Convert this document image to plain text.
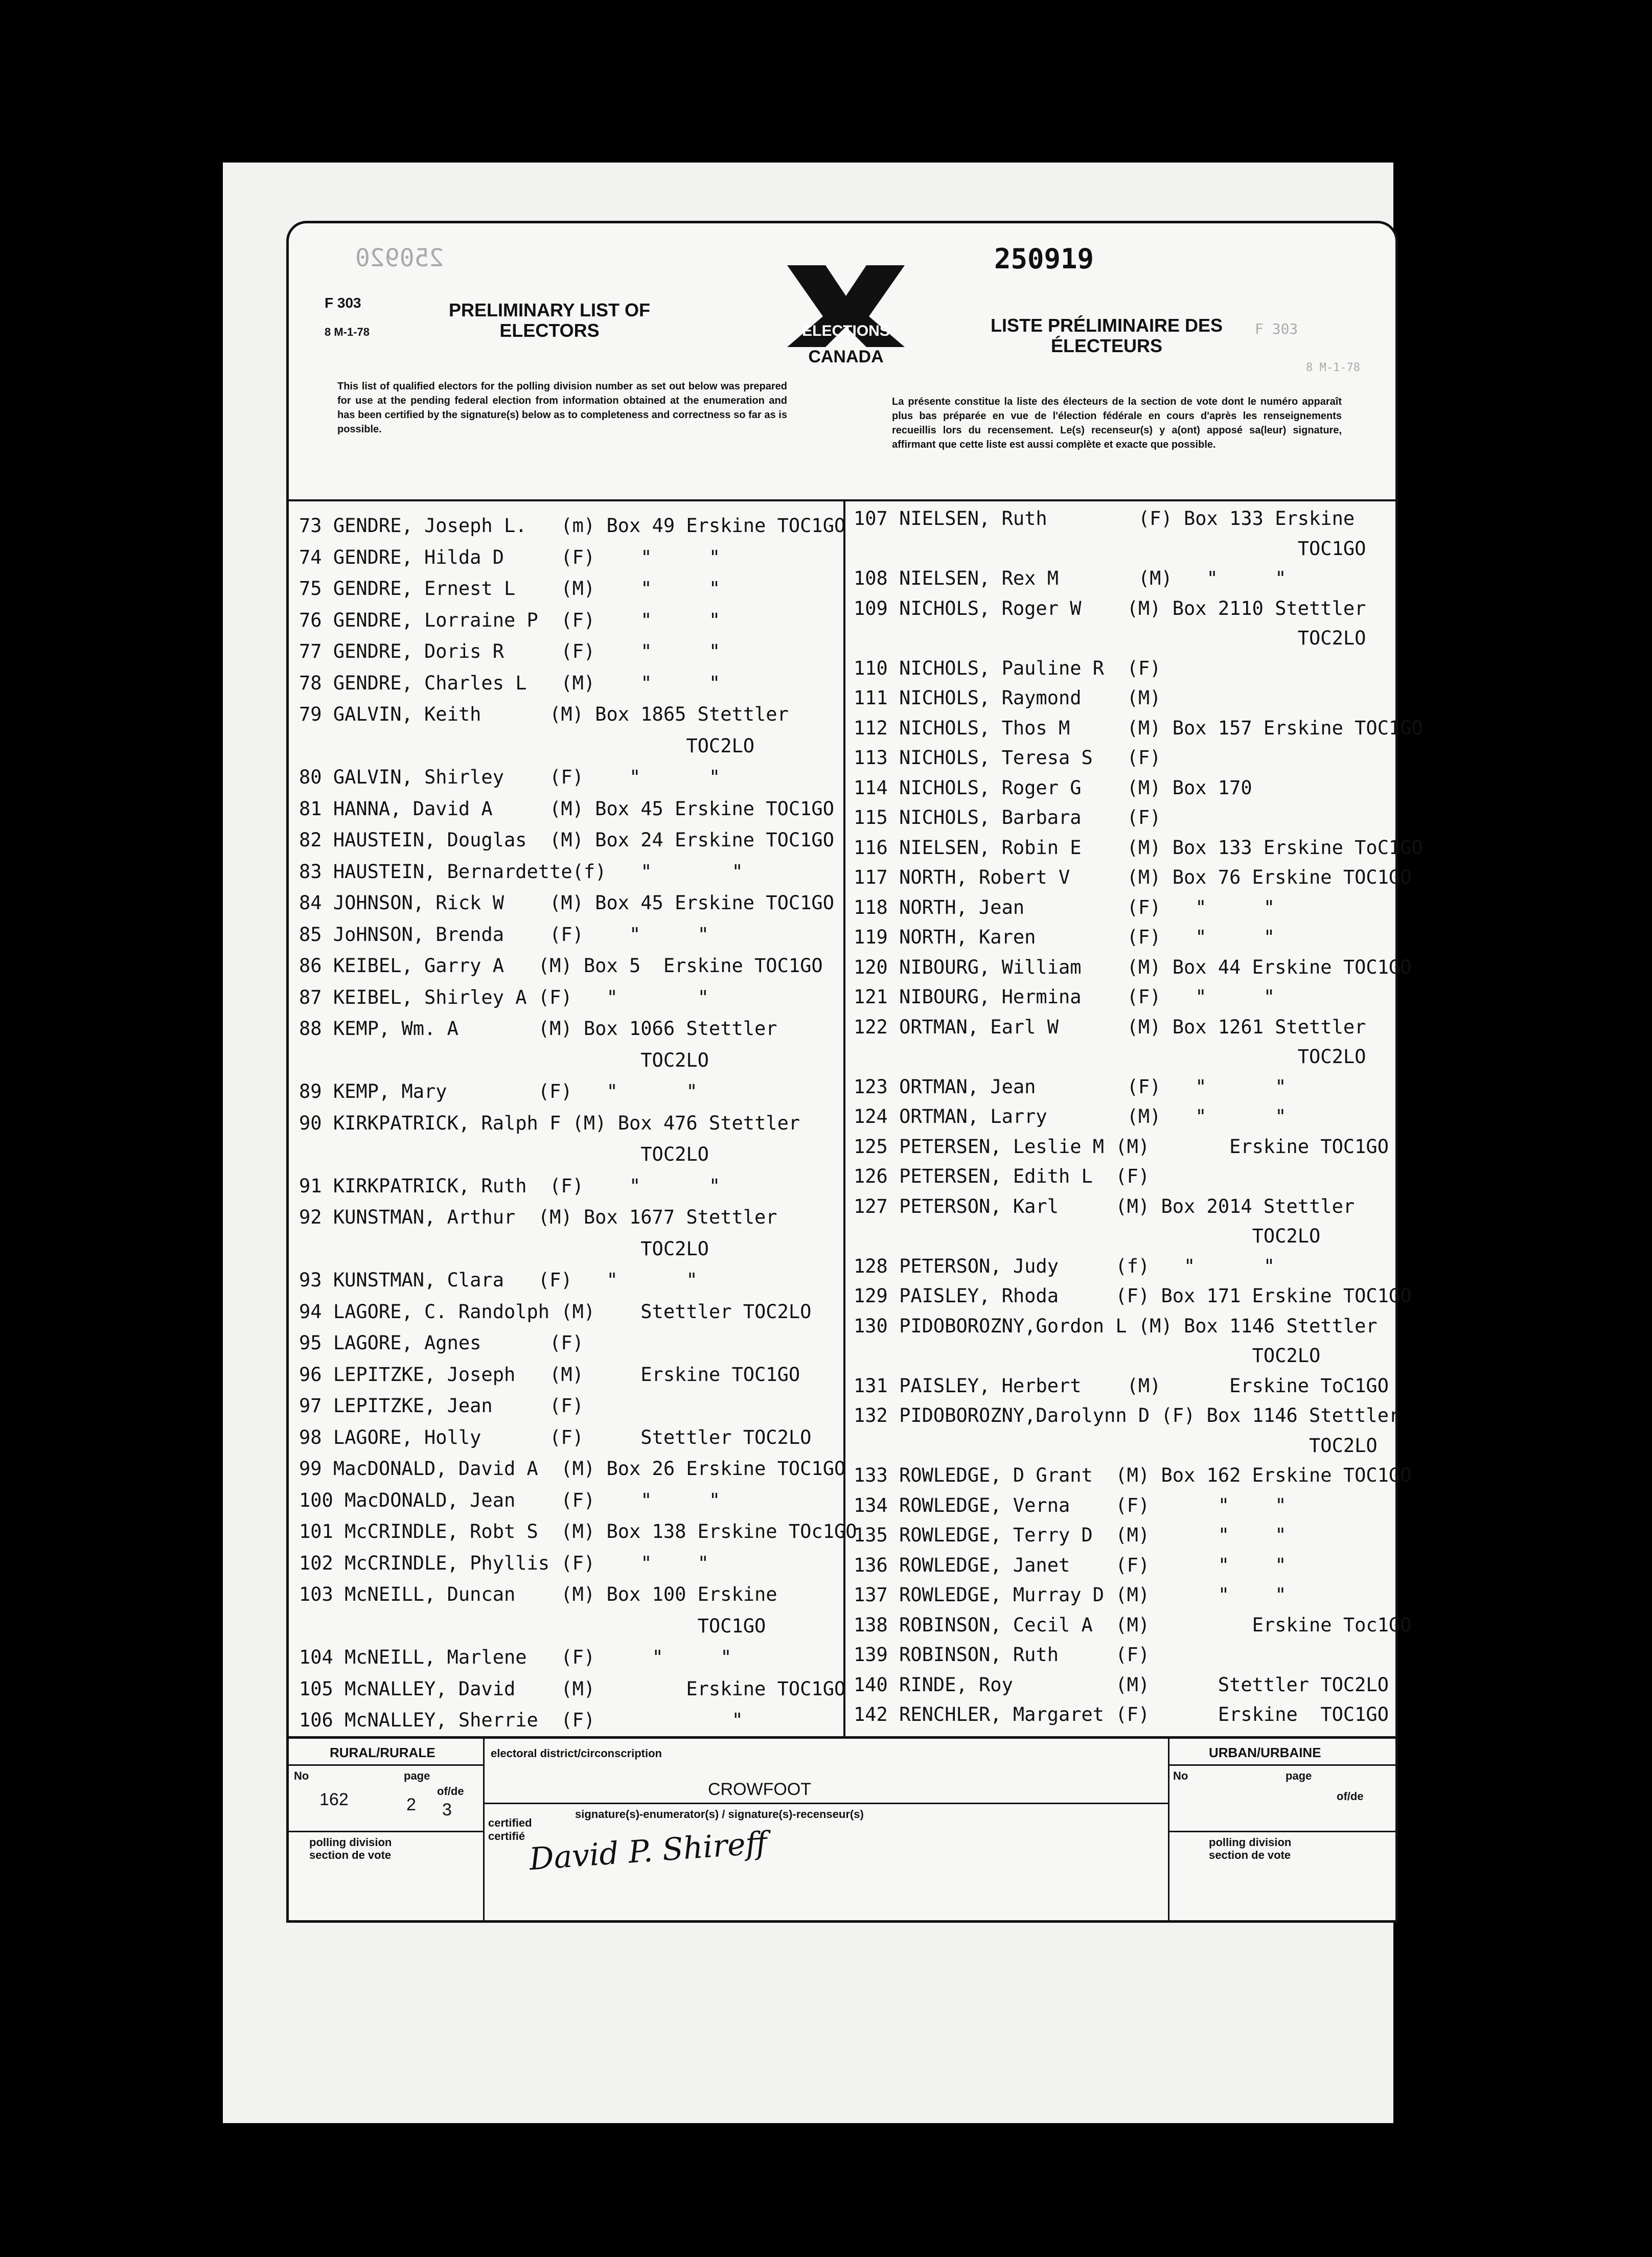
250920
F 303
8 M-1-78
PRELIMINARY LIST OF
ELECTORS	ELECTIONS
CANADA
250919
LISTE PRÉLIMINAIRE DES
ÉLECTEURS
F 303
8 M-1-78
This list of qualified electors for the polling division number as set out below was prepared for use at the pending federal election from information obtained at the enumeration and has been certified by the signature(s) below as to completeness and correctness so far as is possible.
La présente constitue la liste des électeurs de la section de vote dont le numéro apparaît plus bas préparée en vue de l'élection fédérale en cours d'après les renseignements recueillis lors du recensement. Le(s) recenseur(s) y a(ont) apposé sa(leur) signature, affirmant que cette liste est aussi complète et exacte que possible.
73 GENDRE, Joseph L.   (m) Box 49 Erskine TOC1GO
74 GENDRE, Hilda D     (F)    "     "
75 GENDRE, Ernest L    (M)    "     "
76 GENDRE, Lorraine P  (F)    "     "
77 GENDRE, Doris R     (F)    "     "
78 GENDRE, Charles L   (M)    "     "
79 GALVIN, Keith      (M) Box 1865 Stettler
TOC2LO
80 GALVIN, Shirley    (F)    "      "
81 HANNA, David A     (M) Box 45 Erskine TOC1GO
82 HAUSTEIN, Douglas  (M) Box 24 Erskine TOC1GO
83 HAUSTEIN, Bernardette(f)   "       "
84 JOHNSON, Rick W    (M) Box 45 Erskine TOC1GO
85 JoHNSON, Brenda    (F)    "     "
86 KEIBEL, Garry A   (M) Box 5  Erskine TOC1GO
87 KEIBEL, Shirley A (F)   "       "
88 KEMP, Wm. A       (M) Box 1066 Stettler
TOC2LO
89 KEMP, Mary        (F)   "      "
90 KIRKPATRICK, Ralph F (M) Box 476 Stettler
TOC2LO
91 KIRKPATRICK, Ruth  (F)    "      "
92 KUNSTMAN, Arthur  (M) Box 1677 Stettler
TOC2LO
93 KUNSTMAN, Clara   (F)   "      "
94 LAGORE, C. Randolph (M)    Stettler TOC2LO
95 LAGORE, Agnes      (F)
96 LEPITZKE, Joseph   (M)     Erskine TOC1GO
97 LEPITZKE, Jean     (F)
98 LAGORE, Holly      (F)     Stettler TOC2LO
99 MacDONALD, David A  (M) Box 26 Erskine TOC1GO
100 MacDONALD, Jean    (F)    "     "
101 McCRINDLE, Robt S  (M) Box 138 Erskine TOc1GO
102 McCRINDLE, Phyllis (F)    "    "
103 McNEILL, Duncan    (M) Box 100 Erskine
TOC1GO
104 McNEILL, Marlene   (F)     "     "
105 McNALLEY, David    (M)        Erskine TOC1GO
106 McNALLEY, Sherrie  (F)            "
107 NIELSEN, Ruth        (F) Box 133 Erskine
TOC1GO
108 NIELSEN, Rex M       (M)   "     "
109 NICHOLS, Roger W    (M) Box 2110 Stettler
TOC2LO
110 NICHOLS, Pauline R  (F)
111 NICHOLS, Raymond    (M)
112 NICHOLS, Thos M     (M) Box 157 Erskine TOC1GO
113 NICHOLS, Teresa S   (F)
114 NICHOLS, Roger G    (M) Box 170
115 NICHOLS, Barbara    (F)
116 NIELSEN, Robin E    (M) Box 133 Erskine ToC1GO
117 NORTH, Robert V     (M) Box 76 Erskine TOC1GO
118 NORTH, Jean         (F)   "     "
119 NORTH, Karen        (F)   "     "
120 NIBOURG, William    (M) Box 44 Erskine TOC1GO
121 NIBOURG, Hermina    (F)   "     "
122 ORTMAN, Earl W      (M) Box 1261 Stettler
TOC2LO
123 ORTMAN, Jean        (F)   "      "
124 ORTMAN, Larry       (M)   "      "
125 PETERSEN, Leslie M (M)       Erskine TOC1GO
126 PETERSEN, Edith L  (F)
127 PETERSON, Karl     (M) Box 2014 Stettler
TOC2LO
128 PETERSON, Judy     (f)   "      "
129 PAISLEY, Rhoda     (F) Box 171 Erskine TOC1GO
130 PIDOBOROZNY,Gordon L (M) Box 1146 Stettler
TOC2LO
131 PAISLEY, Herbert    (M)      Erskine ToC1GO
132 PIDOBOROZNY,Darolynn D (F) Box 1146 Stettler
TOC2LO
133 ROWLEDGE, D Grant  (M) Box 162 Erskine TOC1GO
134 ROWLEDGE, Verna    (F)      "    "
135 ROWLEDGE, Terry D  (M)      "    "
136 ROWLEDGE, Janet    (F)      "    "
137 ROWLEDGE, Murray D (M)      "    "
138 ROBINSON, Cecil A  (M)         Erskine Toc1GO
139 ROBINSON, Ruth     (F)
140 RINDE, Roy         (M)      Stettler TOC2LO
142 RENCHLER, Margaret (F)      Erskine  TOC1GO
RURAL/RURALE
No	page
162	2
of/de
3
polling division
section de vote
electoral district/circonscription
CROWFOOT
signature(s)-enumerator(s) / signature(s)-recenseur(s)
certified
certifié David P. Shireff
URBAN/URBAINE
No	page
of/de
polling division
section de vote
